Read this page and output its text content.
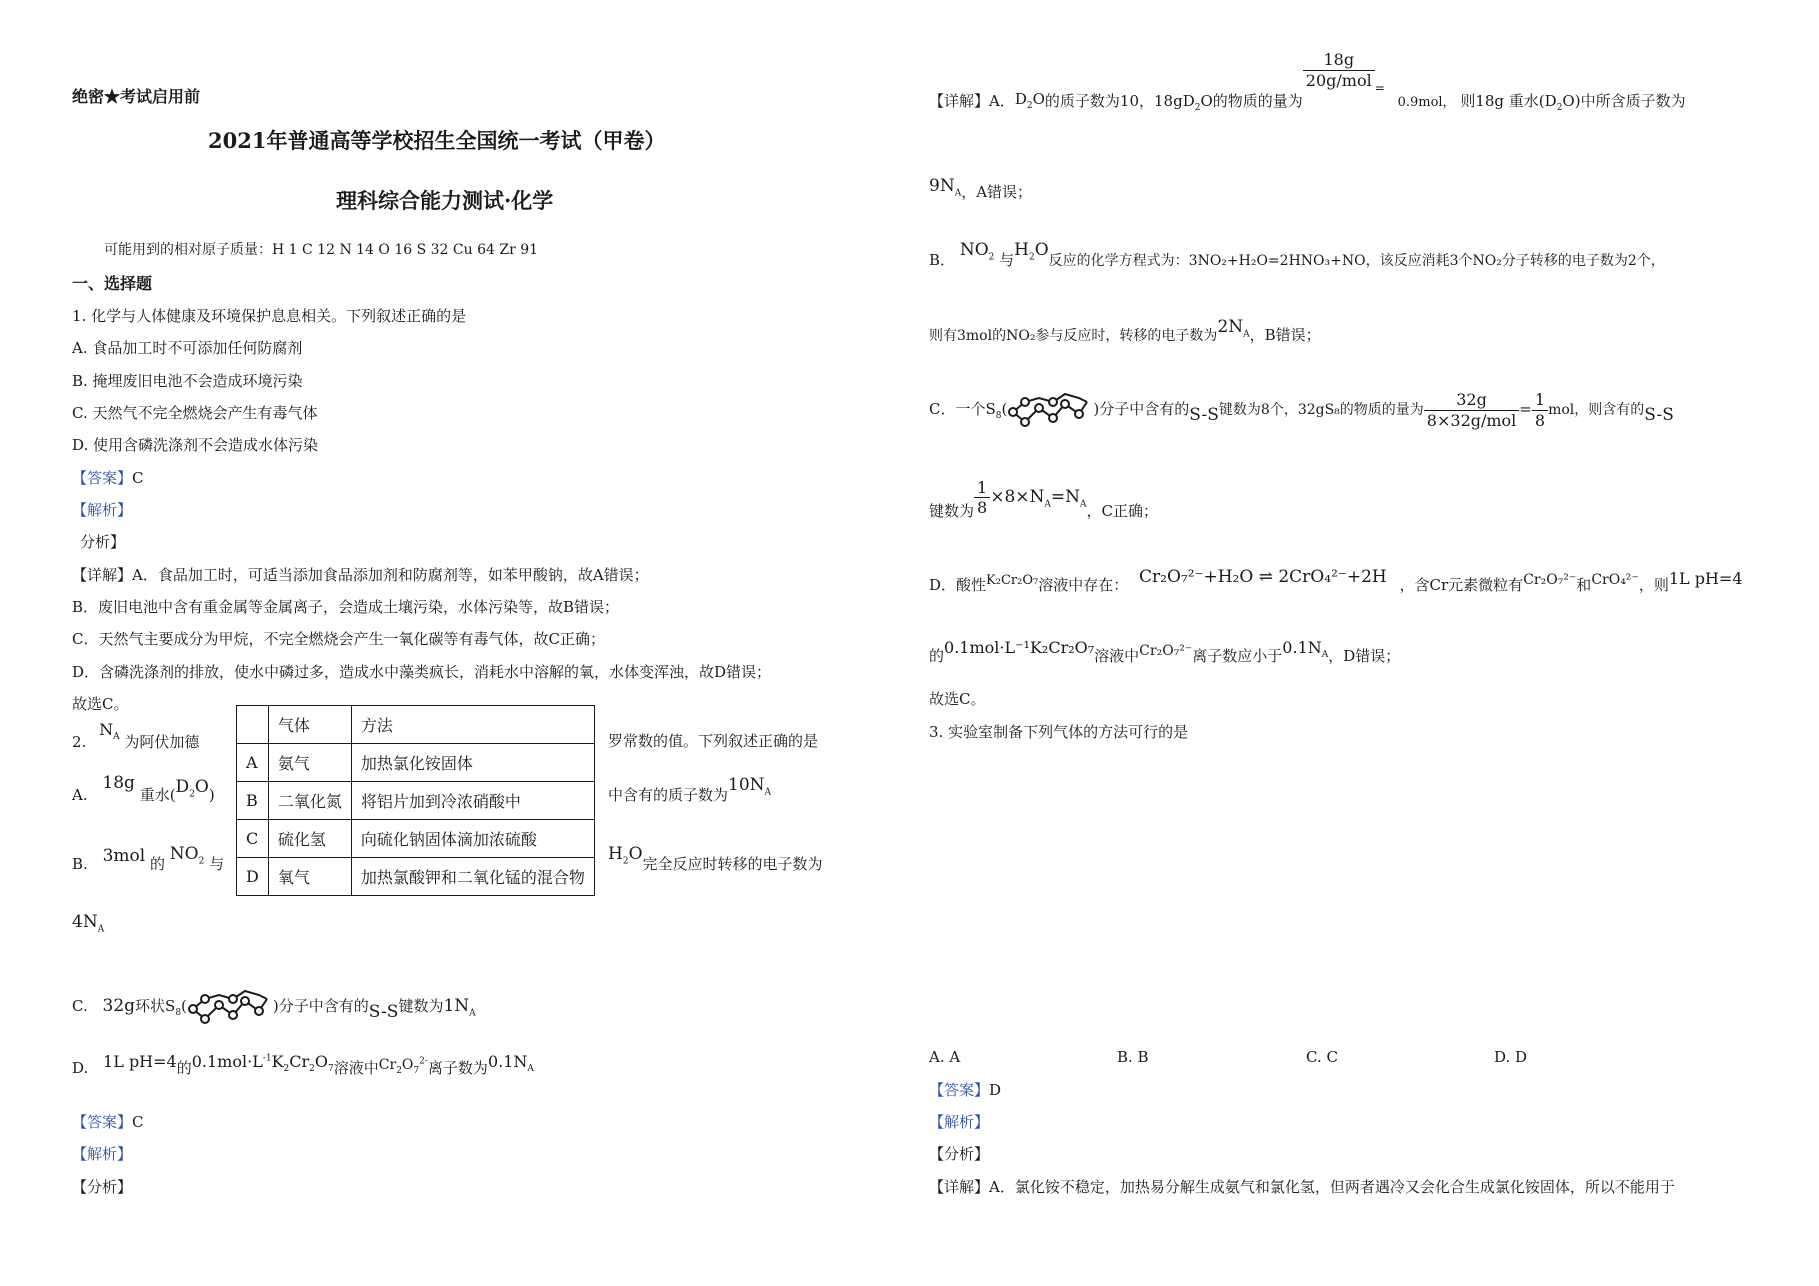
绝密★考试启用前
2021年普通高等学校招生全国统一考试（甲卷）
理科综合能力测试·化学
可能用到的相对原子质量：H 1 C 12 N 14 O 16 S 32 Cu 64 Zr 91
一、选择题
1. 化学与人体健康及环境保护息息相关。下列叙述正确的是
A. 食品加工时不可添加任何防腐剂
B. 掩埋废旧电池不会造成环境污染
C. 天然气不完全燃烧会产生有毒气体
D. 使用含磷洗涤剂不会造成水体污染
【答案】C
【解析】
分析】
【详解】A．食品加工时，可适当添加食品添加剂和防腐剂等，如苯甲酸钠，故A错误；
B．废旧电池中含有重金属等金属离子，会造成土壤污染，水体污染等，故B错误；
C．天然气主要成分为甲烷，不完全燃烧会产生一氧化碳等有毒气体，故C正确；
D．含磷洗涤剂的排放，使水中磷过多，造成水中藻类疯长，消耗水中溶解的氧，水体变浑浊，故D错误；
故选C。
2. $N_A$ 为阿伏加德	罗常数的值。下列叙述正确的是
A. 18g 重水$(D_2O)$	中含有的质子数为$10N_A$
B. 3mol 的 $NO_2$ 与	$H_2O$完全反应时转移的电子数为
$4N_A$
C. 32g环状$S_8$(	)分子中含有的S-S键数为$1N_A$
D. 1L pH=4的$0.1mol\cdot L^{-1}K_2Cr_2O_7$溶液中$Cr_2O_7^{2-}$离子数为$0.1N_A$
【答案】C
【解析】
【分析】
	气体	方法
A	氨气	加热氯化铵固体
B	二氧化氮	将铝片加到冷浓硝酸中
C	硫化氢	向硫化钠固体滴加浓硫酸
D	氧气	加热氯酸钾和二氧化锰的混合物
【详解】A．$D_2O$的质子数为10，$18gD_2O$的物质的量为
$\frac{18g}{\text{20g/mol}} ^=$ 0.9mol， 则18g 重水$(D_2O)$中所含质子数为
$9N_A$，A错误；
B． $NO_2$ 与$H_2O$反应的化学方程式为：3NO₂+H₂O=2HNO₃+NO，该反应消耗3个NO₂分子转移的电子数为2个，
则有3mol的NO₂参与反应时，转移的电子数为$2N_A$，B错误；
C．一个$S_8$(	)分子中含有的S-S键数为8个，32gS₈的物质的量为 $\frac{32g}{\text{8×32g/mol}} = \frac{1}{8}$ mol，则含有的S-S
键数为 $\frac{1}{8} \times 8\times N_A=N_A$，C正确；
D．酸性K₂Cr₂O₇溶液中存在： Cr₂O₇²⁻+H₂O ⇌ 2CrO₄²⁻+2H ，含Cr元素微粒有Cr₂O₇²⁻和CrO₄²⁻，则1L pH=4
的0.1mol·L⁻¹K₂Cr₂O₇溶液中Cr₂O₇²⁻离子数应小于$0.1N_A$，D错误；
故选C。
3. 实验室制备下列气体的方法可行的是
A. A	B. B	C. C	D. D
【答案】D
【解析】
【分析】
【详解】A．氯化铵不稳定，加热易分解生成氨气和氯化氢，但两者遇冷又会化合生成氯化铵固体，所以不能用于
